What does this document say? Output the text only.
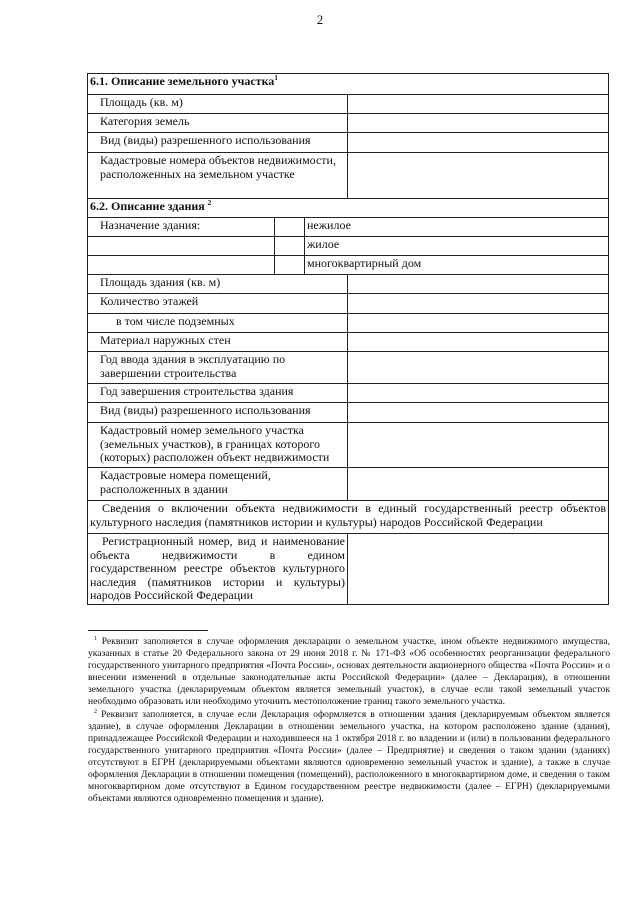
2
6.1. Описание земельного участка$^1$
Площадь (кв. м)			
Категория земель			
Вид (виды) разрешенного использования			
Кадастровые номера объектов недвижимости, расположенных на земельном участке			
6.2. Описание здания $^2$
Назначение здания:		нежилое	
		жилое	
		многоквартирный дом	
Площадь здания (кв. м)			
Количество этажей			
в том числе подземных			
Материал наружных стен			
Год ввода здания в эксплуатацию по завершении строительства			
Год завершения строительства здания			
Вид (виды) разрешенного использования			
Кадастровый номер земельного участка (земельных участков), в границах которого (которых) расположен объект недвижимости			
Кадастровые номера помещений, расположенных в здании			
Сведения о включении объекта недвижимости в единый государственный реестр объектов культурного наследия (памятников истории и культуры) народов Российской Федерации			
Регистрационный номер, вид и наименование объекта недвижимости в едином государственном реестре объектов культурного наследия (памятников истории и культуры) народов Российской Федерации			

$^1$ Реквизит заполняется в случае оформления декларации о земельном участке, ином объекте недвижимого имущества, указанных в статье 20 Федерального закона от 29 июня 2018 г. № 171-ФЗ «Об особенностях реорганизации федерального государственного унитарного предприятия «Почта России», основах деятельности акционерного общества «Почта России» и о внесении изменений в отдельные законодательные акты Российской Федерации» (далее – Декларация), в отношении земельного участка (декларируемым объектом является земельный участок), в случае если такой земельный участок необходимо образовать или необходимо уточнить местоположение границ такого земельного участка.

$^2$ Реквизит заполняется, в случае если Декларация оформляется в отношении здания (декларируемым объектом является здание), в случае оформления Декларации в отношении земельного участка, на котором расположено здание (здания), принадлежащее Российской Федерации и находившееся на 1 октября 2018 г. во владении и (или) в пользовании федерального государственного унитарного предприятия «Почта России» (далее – Предприятие) и сведения о таком здании (зданиях) отсутствуют в ЕГРН (декларируемыми объектами являются одновременно земельный участок и здание), а также в случае оформления Декларации в отношении помещения (помещений), расположенного в многоквартирном доме, и сведения о таком многоквартирном доме отсутствуют в Едином государственном реестре недвижимости (далее – ЕГРН) (декларируемыми объектами являются одновременно помещения и здание).
